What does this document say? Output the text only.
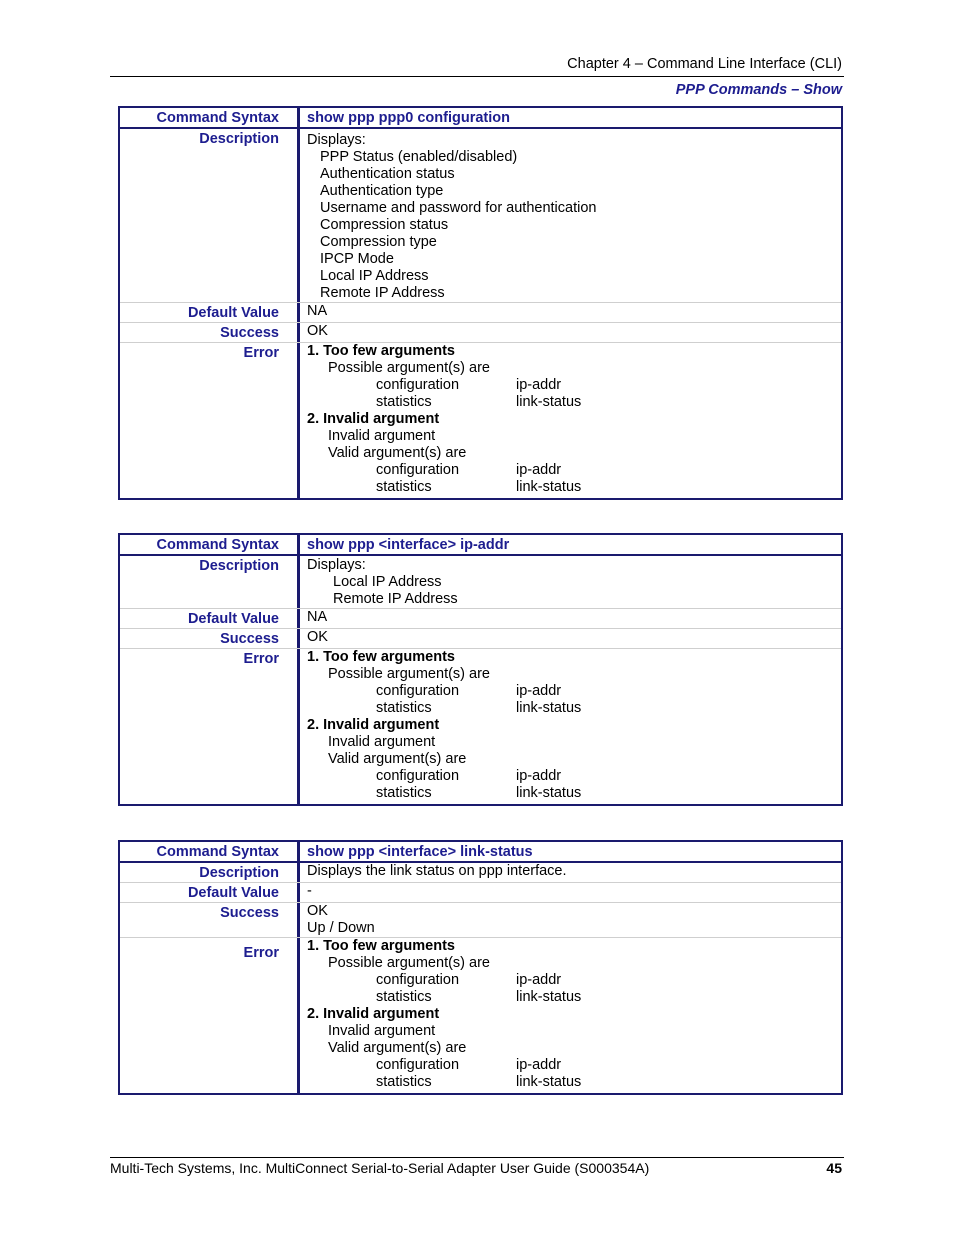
Chapter 4 – Command Line Interface (CLI)
PPP Commands – Show
Command Syntax	show ppp ppp0 configuration
Description	Displays:
PPP Status (enabled/disabled)
Authentication status
Authentication type
Username and password for authentication
Compression status
Compression type
IPCP Mode
Local IP Address
Remote IP Address
Default Value	NA
Success	OK
Error	1. Too few arguments
Possible argument(s) are
configuration	ip-addr
statistics	link-status
2. Invalid argument
Invalid argument
Valid argument(s) are
configuration	ip-addr
statistics	link-status
Command Syntax	show ppp <interface> ip-addr
Description	Displays:
Local IP Address
Remote IP Address
Default Value	NA
Success	OK
Error	1. Too few arguments
Possible argument(s) are
configuration	ip-addr
statistics	link-status
2. Invalid argument
Invalid argument
Valid argument(s) are
configuration	ip-addr
statistics	link-status
Command Syntax	show ppp <interface> link-status
Description	Displays the link status on ppp interface.
Default Value	-
Success	OK
Up / Down
Error	1. Too few arguments
Possible argument(s) are
configuration	ip-addr
statistics	link-status
2. Invalid argument
Invalid argument
Valid argument(s) are
configuration	ip-addr
statistics	link-status
Multi-Tech Systems, Inc. MultiConnect Serial-to-Serial Adapter User Guide (S000354A)	45
